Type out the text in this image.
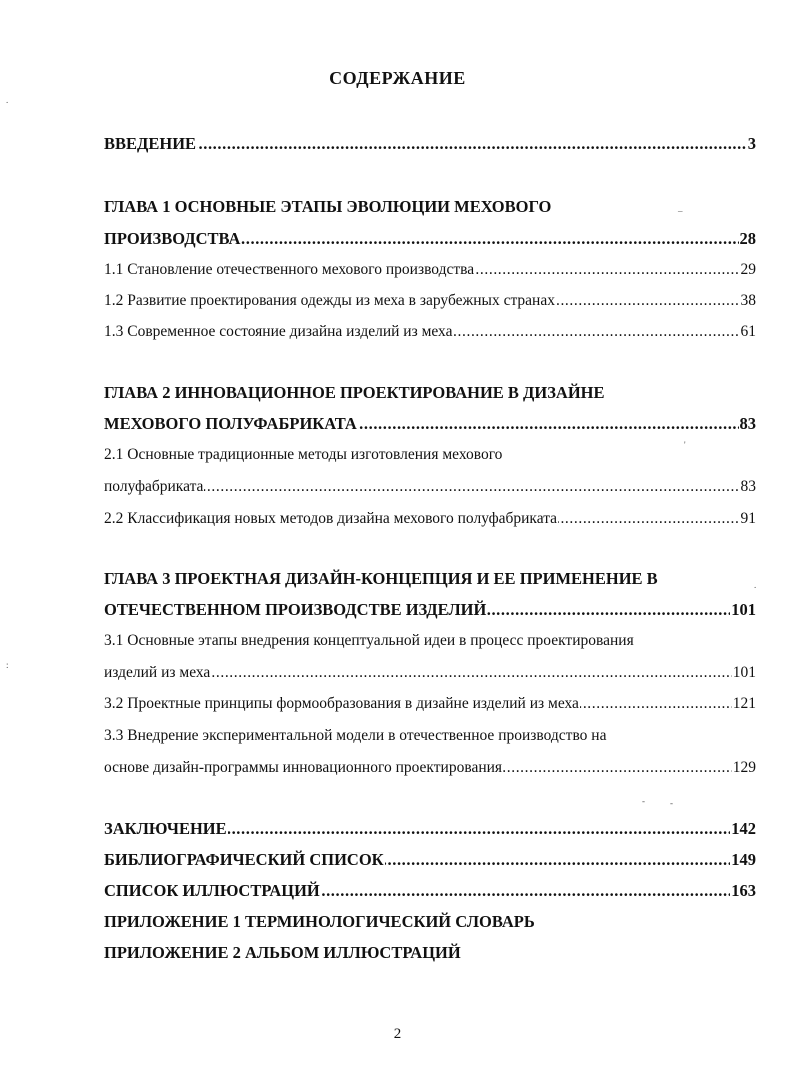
СОДЕРЖАНИЕ
ВВЕДЕНИЕ	3
.....
ГЛАВА 1 ОСНОВНЫЕ ЭТАПЫ ЭВОЛЮЦИИ МЕХОВОГО
ПРОИЗВОДСТВА	28
.....
1.1 Становление отечественного мехового производства	29
.....
1.2 Развитие проектирования одежды из меха в зарубежных странах	38
.....
1.3 Современное состояние дизайна изделий из меха	61
.....
ГЛАВА 2 ИННОВАЦИОННОЕ ПРОЕКТИРОВАНИЕ В ДИЗАЙНЕ
МЕХОВОГО ПОЛУФАБРИКАТА	83
.....
2.1 Основные традиционные методы изготовления мехового
полуфабриката	83
.....
2.2 Классификация новых методов дизайна мехового полуфабриката	91
.....
ГЛАВА 3 ПРОЕКТНАЯ ДИЗАЙН-КОНЦЕПЦИЯ И ЕЕ ПРИМЕНЕНИЕ В
ОТЕЧЕСТВЕННОМ ПРОИЗВОДСТВЕ ИЗДЕЛИЙ	101
.....
3.1 Основные этапы внедрения концептуальной идеи в процесс проектирования
изделий из меха	101
.....
3.2 Проектные принципы формообразования в дизайне изделий из меха	121
.....
3.3 Внедрение экспериментальной модели в отечественное производство на
основе дизайн-программы инновационного проектирования	129
.....
ЗАКЛЮЧЕНИЕ	142
.....
БИБЛИОГРАФИЧЕСКИЙ СПИСОК	149
.....
СПИСОК ИЛЛЮСТРАЦИЙ	163
.....
ПРИЛОЖЕНИЕ 1 ТЕРМИНОЛОГИЧЕСКИЙ СЛОВАРЬ
ПРИЛОЖЕНИЕ 2 АЛЬБОМ ИЛЛЮСТРАЦИЙ
2
_
'
.
-	-
.
:
